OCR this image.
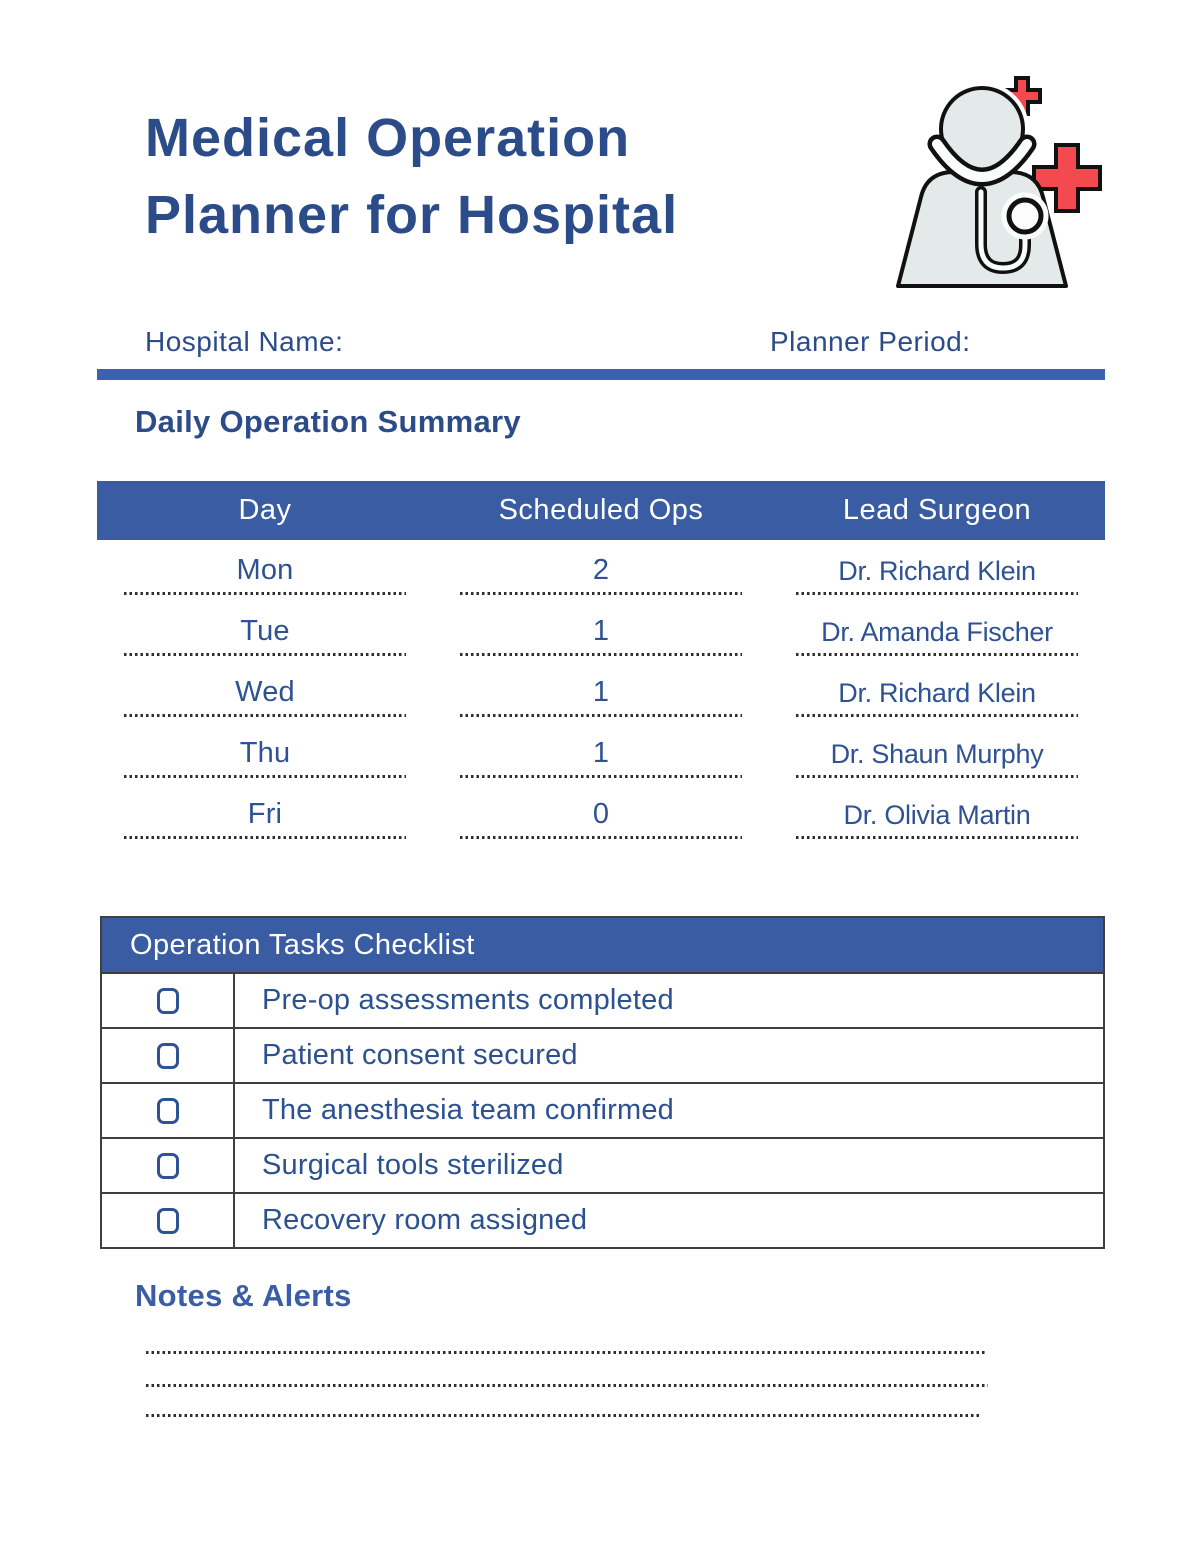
Medical Operation
Planner for Hospital
Hospital Name:	Planner Period:
Daily Operation Summary
Day	Scheduled Ops	Lead Surgeon
Mon	2	Dr. Richard Klein
Tue	1	Dr. Amanda Fischer
Wed	1	Dr. Richard Klein
Thu	1	Dr. Shaun Murphy
Fri	0	Dr. Olivia Martin
Operation Tasks Checklist
Pre-op assessments completed
Patient consent secured
The anesthesia team confirmed
Surgical tools sterilized
Recovery room assigned
Notes & Alerts
